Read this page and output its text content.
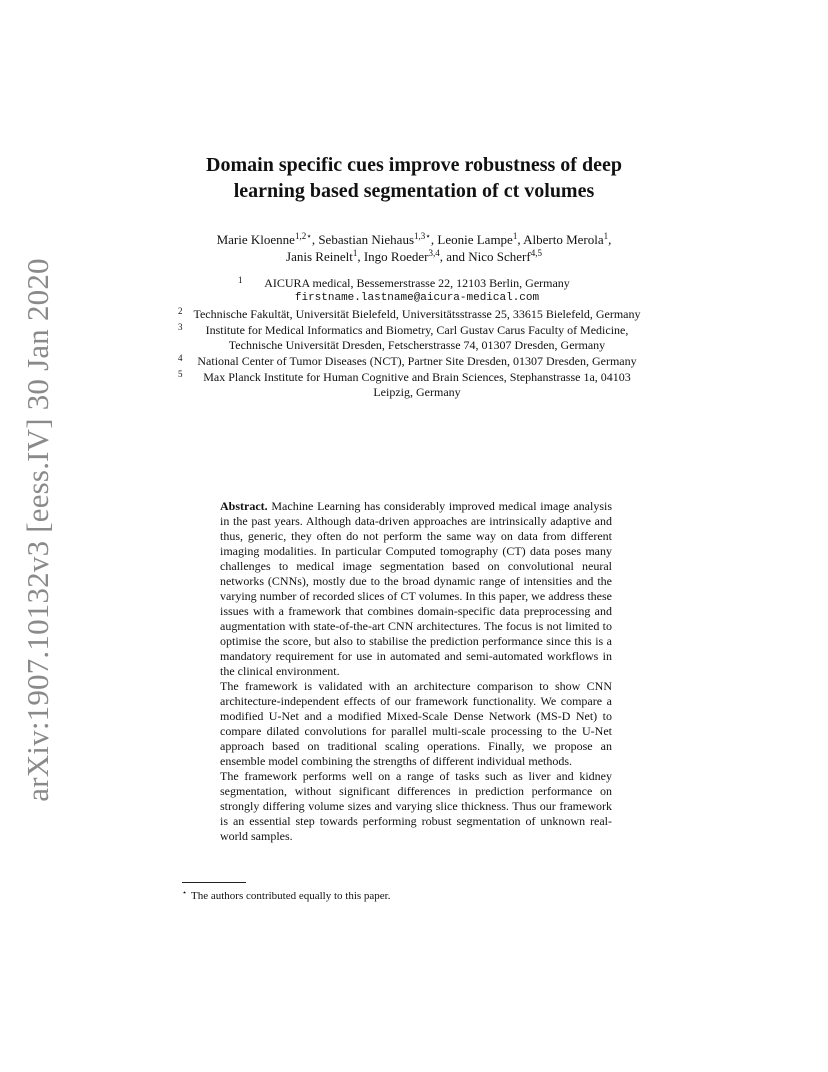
arXiv:1907.10132v3 [eess.IV] 30 Jan 2020
Domain specific cues improve robustness of deep
learning based segmentation of ct volumes

Marie Kloenne$^{1,2⋆}$, Sebastian Niehaus$^{1,3⋆}$, Leonie Lampe$^1$, Alberto Merola$^1$,
Janis Reinelt$^1$, Ingo Roeder$^{3,4}$, and Nico Scherf$^{4,5}$

1 AICURA medical, Bessemerstrasse 22, 12103 Berlin, Germany
firstname.lastname@aicura-medical.com
2 Technische Fakultät, Universität Bielefeld, Universitätsstrasse 25, 33615 Bielefeld, Germany
3 Institute for Medical Informatics and Biometry, Carl Gustav Carus Faculty of Medicine, Technische Universität Dresden, Fetscherstrasse 74, 01307 Dresden, Germany
4 National Center of Tumor Diseases (NCT), Partner Site Dresden, 01307 Dresden, Germany
5 Max Planck Institute for Human Cognitive and Brain Sciences, Stephanstrasse 1a, 04103 Leipzig, Germany

Abstract. Machine Learning has considerably improved medical image analysis in the past years. Although data-driven approaches are intrinsically adaptive and thus, generic, they often do not perform the same way on data from different imaging modalities. In particular Computed tomography (CT) data poses many challenges to medical image segmentation based on convolutional neural networks (CNNs), mostly due to the broad dynamic range of intensities and the varying number of recorded slices of CT volumes. In this paper, we address these issues with a framework that combines domain-specific data preprocessing and augmentation with state-of-the-art CNN architectures. The focus is not limited to optimise the score, but also to stabilise the prediction performance since this is a mandatory requirement for use in automated and semi-automated workflows in the clinical environment.

The framework is validated with an architecture comparison to show CNN architecture-independent effects of our framework functionality. We compare a modified U-Net and a modified Mixed-Scale Dense Network (MS-D Net) to compare dilated convolutions for parallel multi-scale processing to the U-Net approach based on traditional scaling operations. Finally, we propose an ensemble model combining the strengths of different individual methods.

The framework performs well on a range of tasks such as liver and kidney segmentation, without significant differences in prediction performance on strongly differing volume sizes and varying slice thickness. Thus our framework is an essential step towards performing robust segmentation of unknown real-world samples.

⋆ The authors contributed equally to this paper.
